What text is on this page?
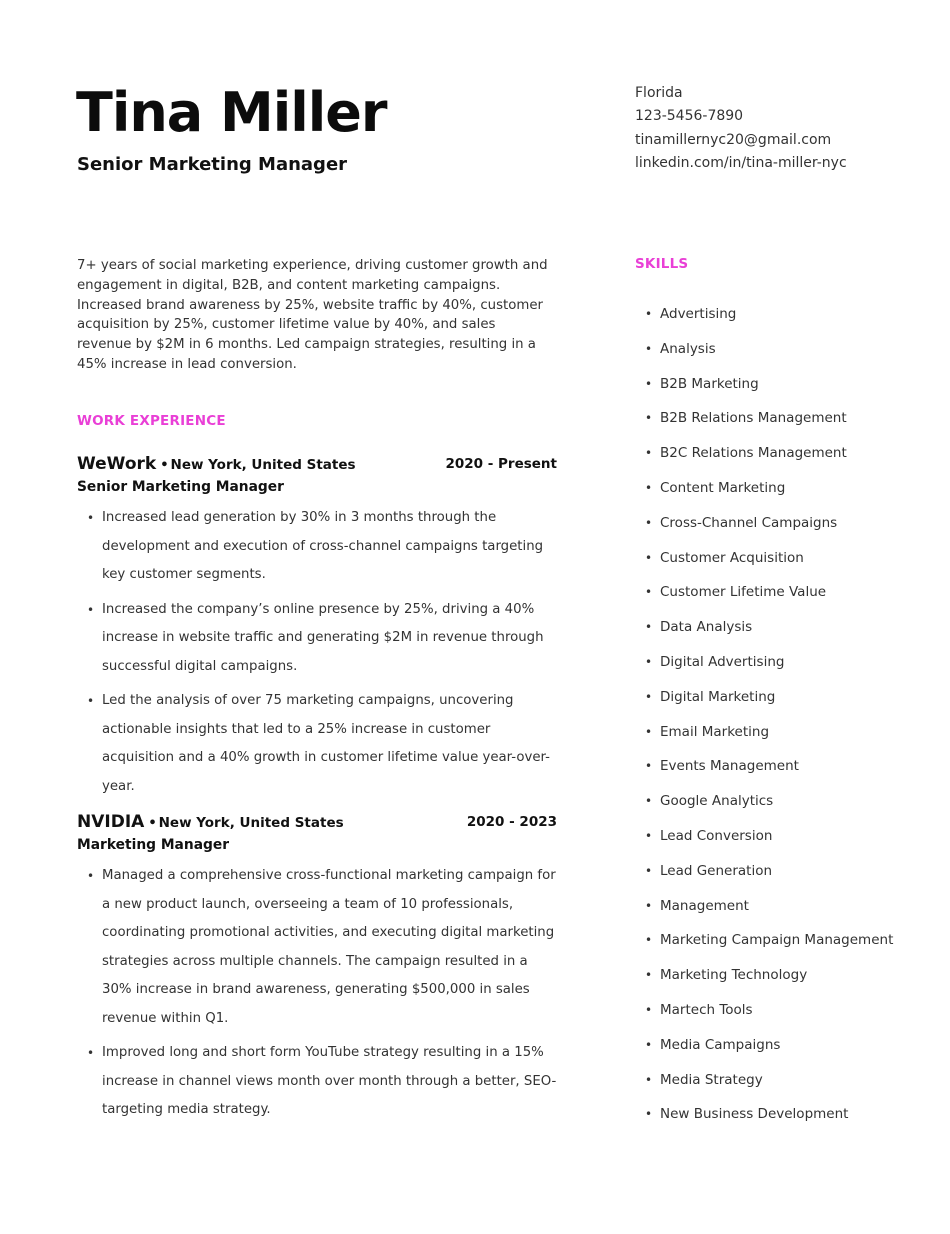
Tina Miller
Senior Marketing Manager
Florida
123-5456-7890
tinamillernyc20@gmail.com
linkedin.com/in/tina-miller-nyc

7+ years of social marketing experience, driving customer growth and engagement in digital, B2B, and content marketing campaigns. Increased brand awareness by 25%, website traffic by 40%, customer acquisition by 25%, customer lifetime value by 40%, and sales revenue by $2M in 6 months. Led campaign strategies, resulting in a 45% increase in lead conversion.

WORK EXPERIENCE
WeWork • New York, United States	2020 - Present
Senior Marketing Manager
• Increased lead generation by 30% in 3 months through the development and execution of cross-channel campaigns targeting key customer segments.
• Increased the company’s online presence by 25%, driving a 40% increase in website traffic and generating $2M in revenue through successful digital campaigns.
• Led the analysis of over 75 marketing campaigns, uncovering actionable insights that led to a 25% increase in customer acquisition and a 40% growth in customer lifetime value year-over-year.
NVIDIA • New York, United States	2020 - 2023
Marketing Manager
• Managed a comprehensive cross-functional marketing campaign for a new product launch, overseeing a team of 10 professionals, coordinating promotional activities, and executing digital marketing strategies across multiple channels. The campaign resulted in a 30% increase in brand awareness, generating $500,000 in sales revenue within Q1.
• Improved long and short form YouTube strategy resulting in a 15% increase in channel views month over month through a better, SEO-targeting media strategy.
SKILLS
• Advertising
• Analysis
• B2B Marketing
• B2B Relations Management
• B2C Relations Management
• Content Marketing
• Cross-Channel Campaigns
• Customer Acquisition
• Customer Lifetime Value
• Data Analysis
• Digital Advertising
• Digital Marketing
• Email Marketing
• Events Management
• Google Analytics
• Lead Conversion
• Lead Generation
• Management
• Marketing Campaign Management
• Marketing Technology
• Martech Tools
• Media Campaigns
• Media Strategy
• New Business Development
